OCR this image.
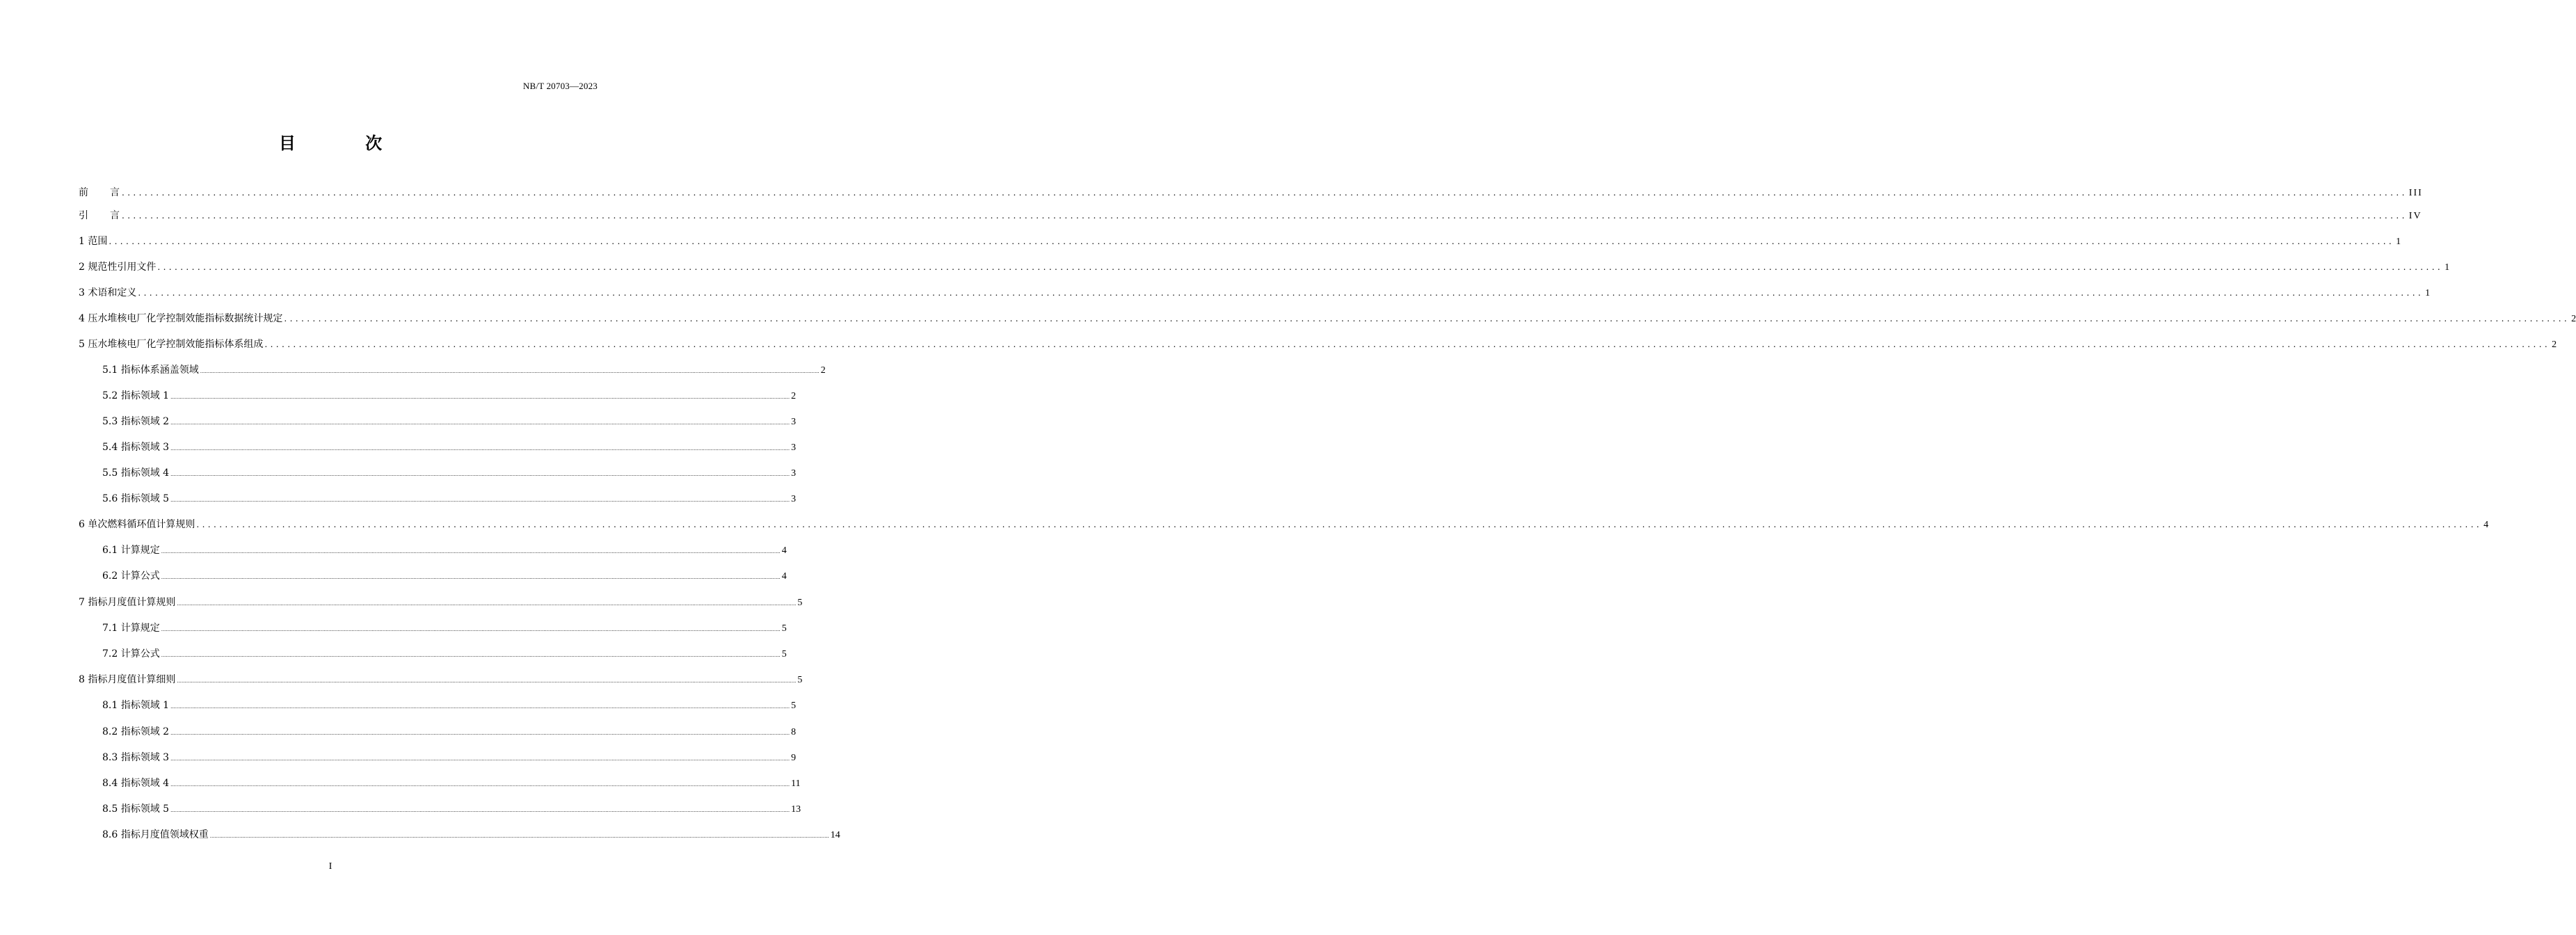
NB/T 20703—2023
目 次
前　　言 ................................................................................................................................................................................................................................................................................................................................................................................................................ III
引　　言 ................................................................................................................................................................................................................................................................................................................................................................................................................ IV
1 范围 ................................................................................................................................................................................................................................................................................................................................................................................................................ 1
2 规范性引用文件 ................................................................................................................................................................................................................................................................................................................................................................................................................ 1
3 术语和定义 ................................................................................................................................................................................................................................................................................................................................................................................................................ 1
4 压水堆核电厂化学控制效能指标数据统计规定 ................................................................................................................................................................................................................................................................................................................................................................................................................ 2
5 压水堆核电厂化学控制效能指标体系组成 ................................................................................................................................................................................................................................................................................................................................................................................................................ 2
5.1 指标体系涵盖领域 ................................................................................................................................................................................................................................................................................................................................................................................................................ 2
5.2 指标领域 1 ................................................................................................................................................................................................................................................................................................................................................................................................................ 2
5.3 指标领域 2 ................................................................................................................................................................................................................................................................................................................................................................................................................ 3
5.4 指标领域 3 ................................................................................................................................................................................................................................................................................................................................................................................................................ 3
5.5 指标领域 4 ................................................................................................................................................................................................................................................................................................................................................................................................................ 3
5.6 指标领域 5 ................................................................................................................................................................................................................................................................................................................................................................................................................ 3
6 单次燃料循环值计算规则 ................................................................................................................................................................................................................................................................................................................................................................................................................ 4
6.1 计算规定 ................................................................................................................................................................................................................................................................................................................................................................................................................ 4
6.2 计算公式 ................................................................................................................................................................................................................................................................................................................................................................................................................ 4
7 指标月度值计算规则 ................................................................................................................................................................................................................................................................................................................................................................................................................ 5
7.1 计算规定 ................................................................................................................................................................................................................................................................................................................................................................................................................ 5
7.2 计算公式 ................................................................................................................................................................................................................................................................................................................................................................................................................ 5
8 指标月度值计算细则 ................................................................................................................................................................................................................................................................................................................................................................................................................ 5
8.1 指标领域 1 ................................................................................................................................................................................................................................................................................................................................................................................................................ 5
8.2 指标领域 2 ................................................................................................................................................................................................................................................................................................................................................................................................................ 8
8.3 指标领域 3 ................................................................................................................................................................................................................................................................................................................................................................................................................ 9
8.4 指标领域 4 ................................................................................................................................................................................................................................................................................................................................................................................................................ 11
8.5 指标领域 5 ................................................................................................................................................................................................................................................................................................................................................................................................................ 13
8.6 指标月度值领域权重 ................................................................................................................................................................................................................................................................................................................................................................................................................ 14
I
